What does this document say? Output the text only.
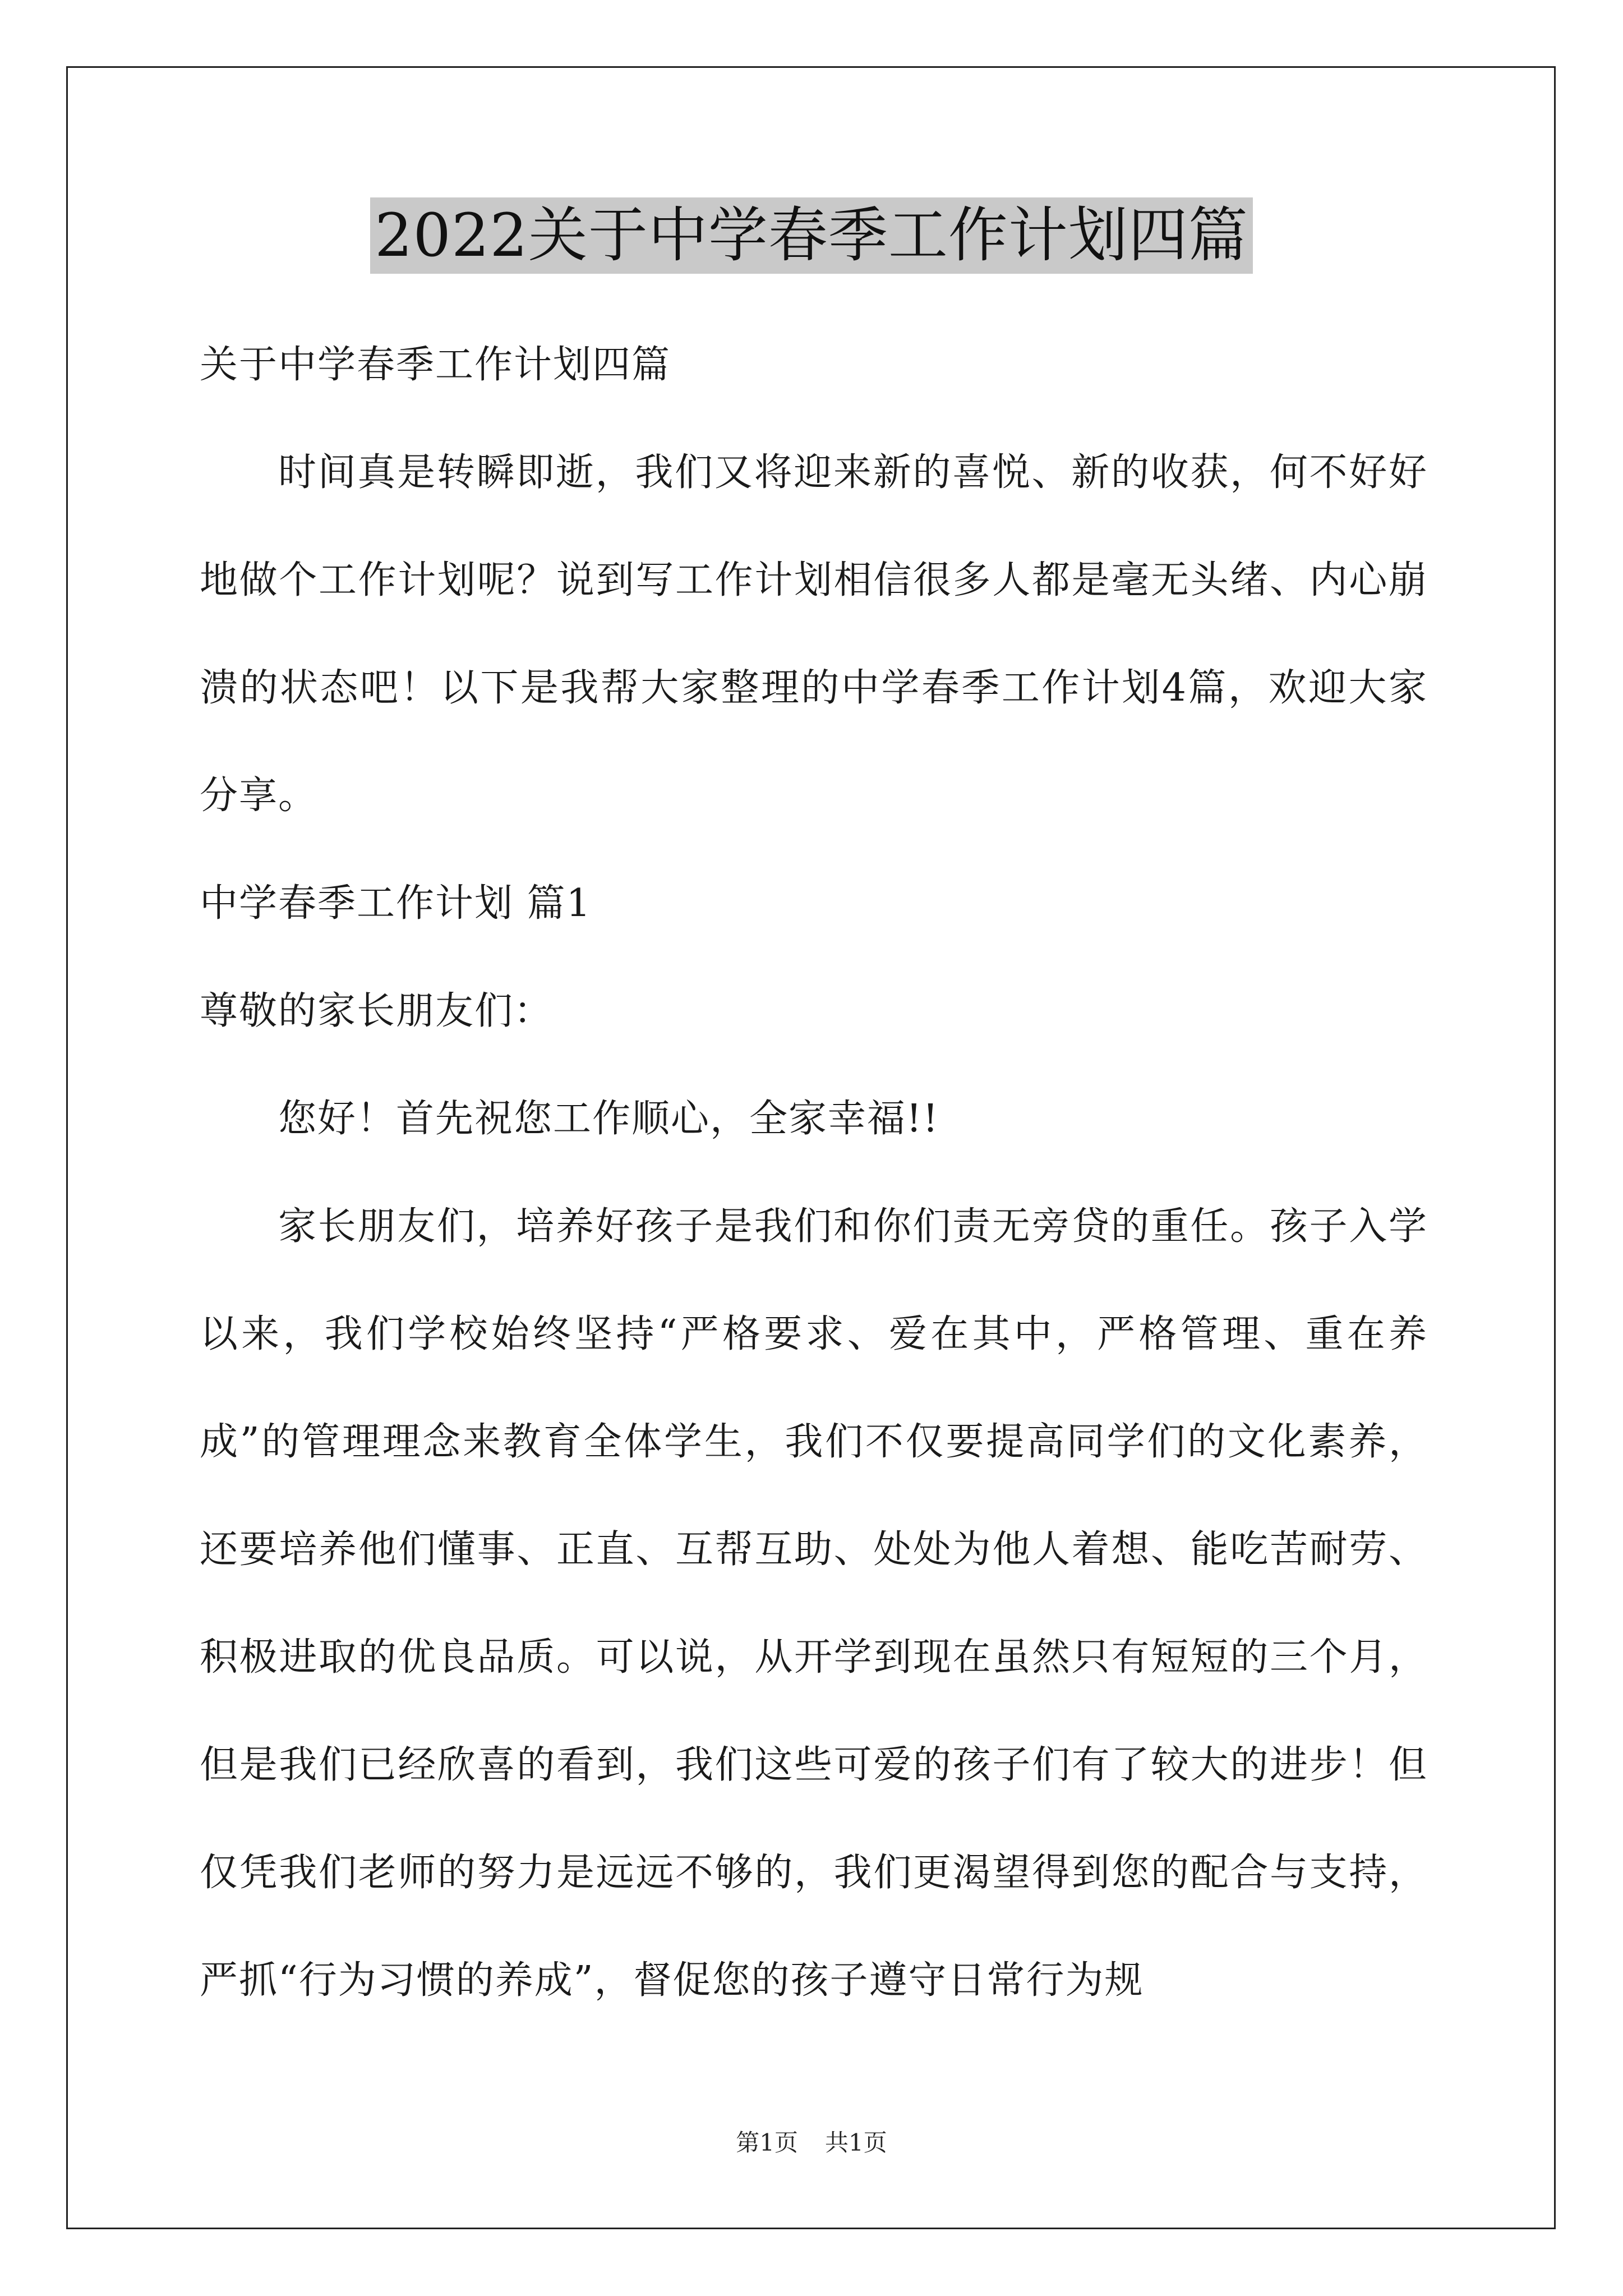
2022关于中学春季工作计划四篇

关于中学春季工作计划四篇

时间真是转瞬即逝，我们又将迎来新的喜悦、新的收获，何不好好地做个工作计划呢？说到写工作计划相信很多人都是毫无头绪、内心崩溃的状态吧！以下是我帮大家整理的中学春季工作计划4篇，欢迎大家分享。

中学春季工作计划 篇1

尊敬的家长朋友们：

您好！首先祝您工作顺心，全家幸福!!

家长朋友们，培养好孩子是我们和你们责无旁贷的重任。孩子入学以来，我们学校始终坚持“严格要求、爱在其中，严格管理、重在养成”的管理理念来教育全体学生，我们不仅要提高同学们的文化素养，还要培养他们懂事、正直、互帮互助、处处为他人着想、能吃苦耐劳、积极进取的优良品质。可以说，从开学到现在虽然只有短短的三个月，但是我们已经欣喜的看到，我们这些可爱的孩子们有了较大的进步！但仅凭我们老师的努力是远远不够的，我们更渴望得到您的配合与支持，严抓“行为习惯的养成”，督促您的孩子遵守日常行为规

第1页 共1页
